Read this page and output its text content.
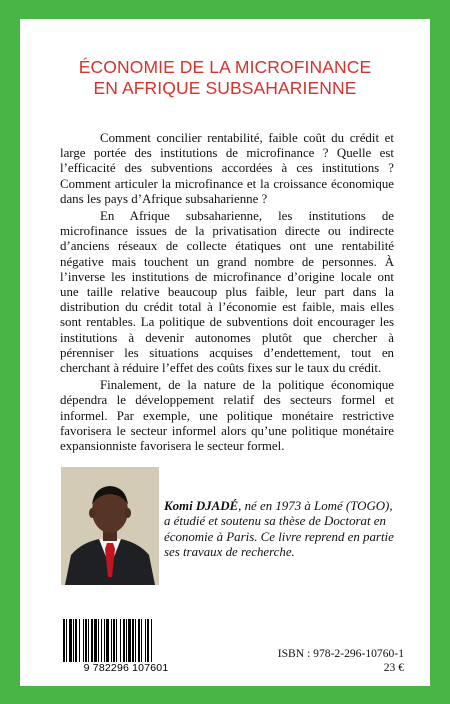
ÉCONOMIE DE LA MICROFINANCE
EN AFRIQUE SUBSAHARIENNE

Comment concilier rentabilité, faible coût du crédit et large portée des institutions de microfinance ? Quelle est l’efficacité des subventions accordées à ces institutions ? Comment articuler la microfinance et la croissance économique dans les pays d’Afrique subsaharienne ?

En Afrique subsaharienne, les institutions de microfinance issues de la privatisation directe ou indirecte d’anciens réseaux de collecte étatiques ont une rentabilité négative mais touchent un grand nombre de personnes. À l’inverse les institutions de microfinance d’origine locale ont une taille relative beaucoup plus faible, leur part dans la distribution du crédit total à l’économie est faible, mais elles sont rentables. La politique de subventions doit encourager les institutions à devenir autonomes plutôt que chercher à pérenniser les situations acquises d’endettement, tout en cherchant à réduire l’effet des coûts fixes sur le taux du crédit.

Finalement, de la nature de la politique économique dépendra le développement relatif des secteurs formel et informel. Par exemple, une politique monétaire restrictive favorisera le secteur informel alors qu’une politique monétaire expansionniste favorisera le secteur formel.

Komi DJADÉ, né en 1973 à Lomé (TOGO), a étudié et soutenu sa thèse de Doctorat en économie à Paris. Ce livre reprend en partie ses travaux de recherche.
9 782296 107601
ISBN : 978-2-296-10760-1
23 €
